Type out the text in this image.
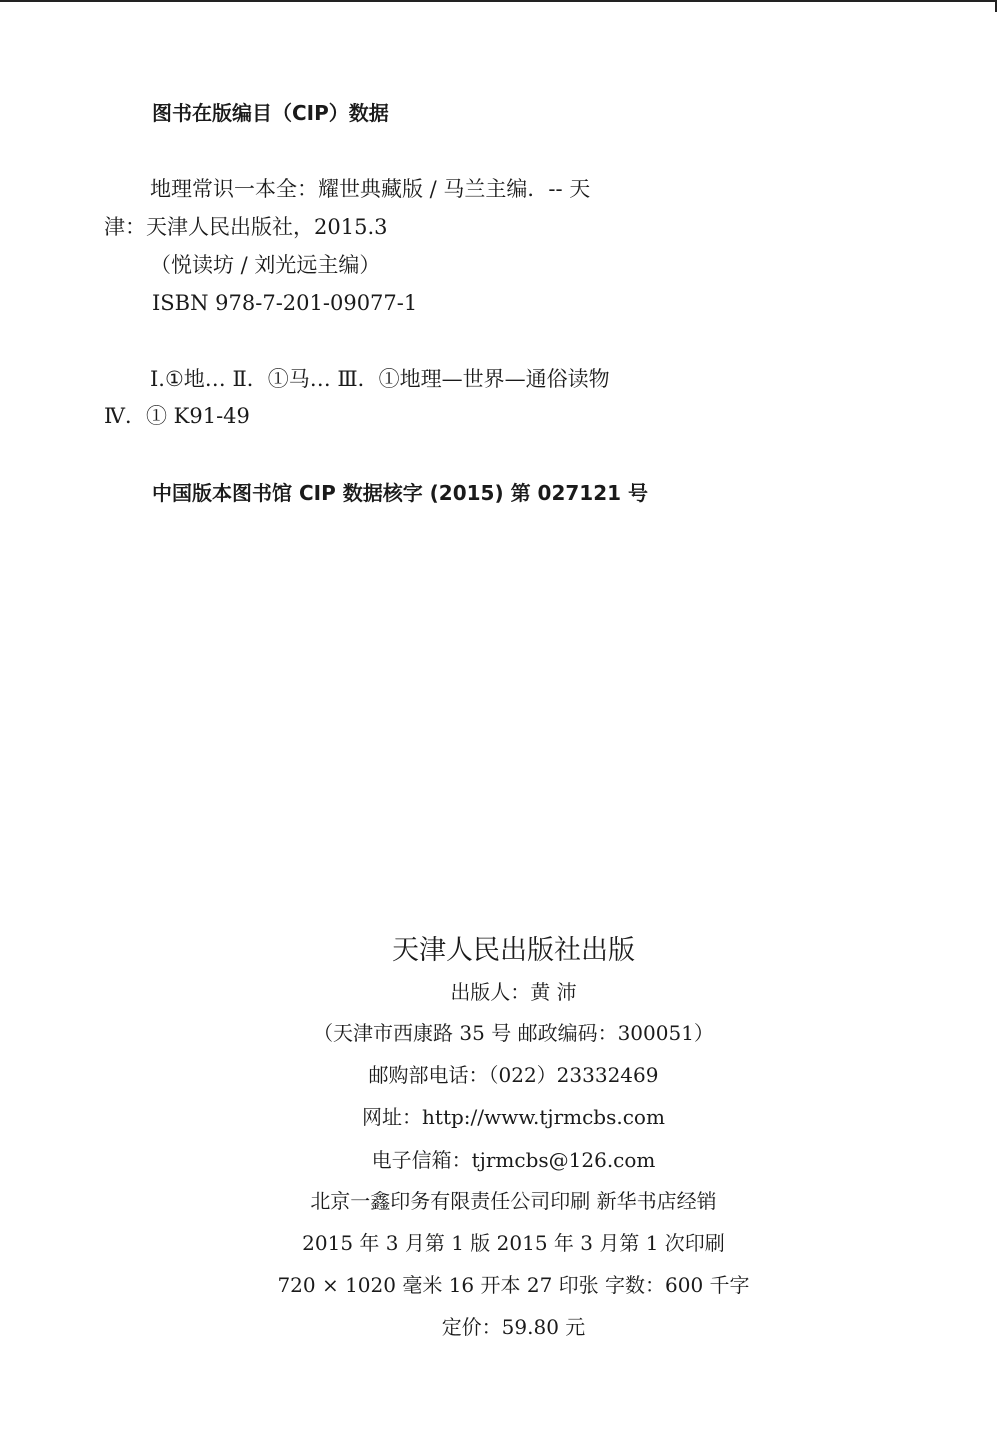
图书在版编目（CIP）数据
地理常识一本全：耀世典藏版 / 马兰主编．-- 天
津：天津人民出版社，2015.3
（悦读坊 / 刘光远主编）
ISBN 978-7-201-09077-1
Ⅰ.①地… Ⅱ．①马… Ⅲ．①地理—世界—通俗读物
Ⅳ．① K91-49
中国版本图书馆 CIP 数据核字 (2015) 第 027121 号
天津人民出版社出版
出版人：黄 沛
（天津市西康路 35 号 邮政编码：300051）
邮购部电话：（022）23332469
网址：http://www.tjrmcbs.com
电子信箱：tjrmcbs@126.com
北京一鑫印务有限责任公司印刷 新华书店经销
2015 年 3 月第 1 版 2015 年 3 月第 1 次印刷
720 × 1020 毫米 16 开本 27 印张 字数：600 千字
定价：59.80 元
